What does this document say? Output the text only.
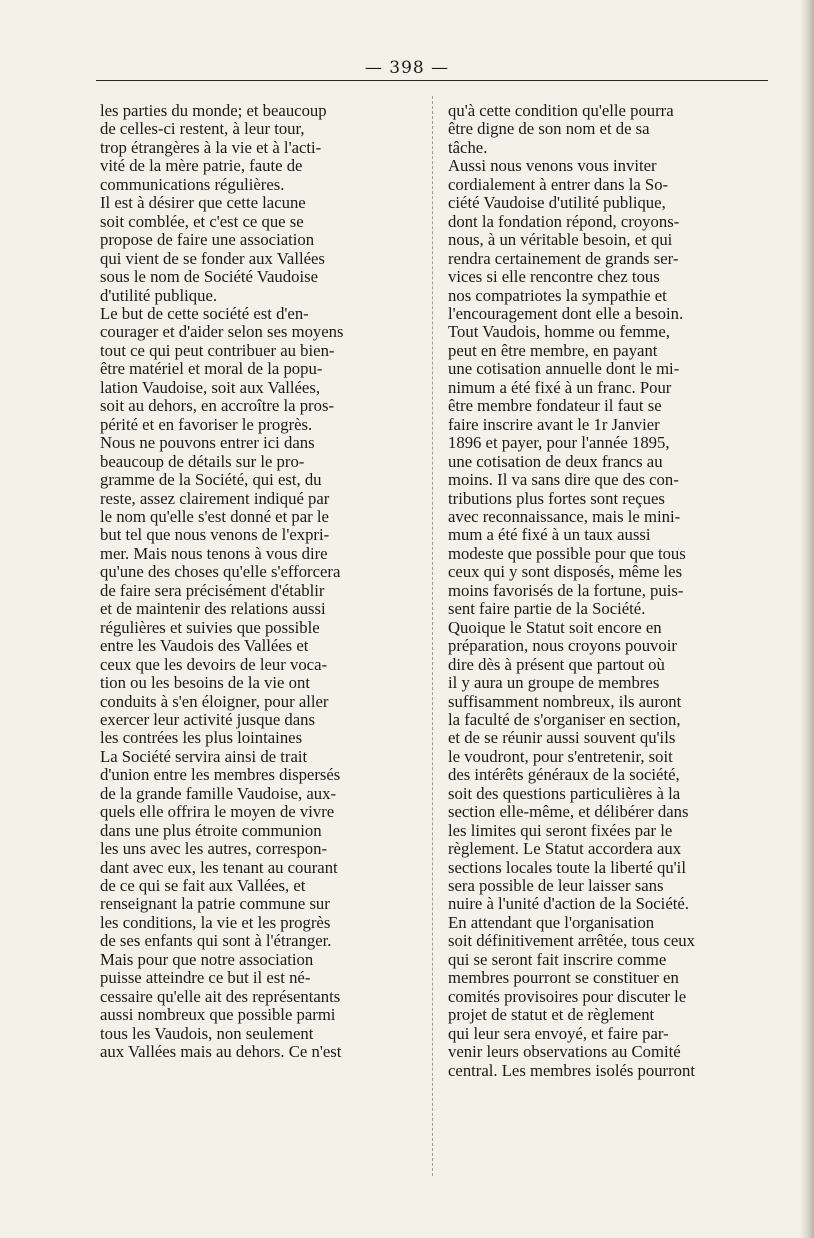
— 398 —
les parties du monde; et beaucoup
de celles-ci restent, à leur tour,
trop étrangères à la vie et à l'acti-
vité de la mère patrie, faute de
communications régulières.
Il est à désirer que cette lacune
soit comblée, et c'est ce que se
propose de faire une association
qui vient de se fonder aux Vallées
sous le nom de Société Vaudoise
d'utilité publique.
Le but de cette société est d'en-
courager et d'aider selon ses moyens
tout ce qui peut contribuer au bien-
être matériel et moral de la popu-
lation Vaudoise, soit aux Vallées,
soit au dehors, en accroître la pros-
périté et en favoriser le progrès.
Nous ne pouvons entrer ici dans
beaucoup de détails sur le pro-
gramme de la Société, qui est, du
reste, assez clairement indiqué par
le nom qu'elle s'est donné et par le
but tel que nous venons de l'expri-
mer. Mais nous tenons à vous dire
qu'une des choses qu'elle s'efforcera
de faire sera précisément d'établir
et de maintenir des relations aussi
régulières et suivies que possible
entre les Vaudois des Vallées et
ceux que les devoirs de leur voca-
tion ou les besoins de la vie ont
conduits à s'en éloigner, pour aller
exercer leur activité jusque dans
les contrées les plus lointaines
La Société servira ainsi de trait
d'union entre les membres dispersés
de la grande famille Vaudoise, aux-
quels elle offrira le moyen de vivre
dans une plus étroite communion
les uns avec les autres, correspon-
dant avec eux, les tenant au courant
de ce qui se fait aux Vallées, et
renseignant la patrie commune sur
les conditions, la vie et les progrès
de ses enfants qui sont à l'étranger.
Mais pour que notre association
puisse atteindre ce but il est né-
cessaire qu'elle ait des représentants
aussi nombreux que possible parmi
tous les Vaudois, non seulement
aux Vallées mais au dehors. Ce n'est
qu'à cette condition qu'elle pourra
être digne de son nom et de sa
tâche.
Aussi nous venons vous inviter
cordialement à entrer dans la So-
ciété Vaudoise d'utilité publique,
dont la fondation répond, croyons-
nous, à un véritable besoin, et qui
rendra certainement de grands ser-
vices si elle rencontre chez tous
nos compatriotes la sympathie et
l'encouragement dont elle a besoin.
Tout Vaudois, homme ou femme,
peut en être membre, en payant
une cotisation annuelle dont le mi-
nimum a été fixé à un franc. Pour
être membre fondateur il faut se
faire inscrire avant le 1r Janvier
1896 et payer, pour l'année 1895,
une cotisation de deux francs au
moins. Il va sans dire que des con-
tributions plus fortes sont reçues
avec reconnaissance, mais le mini-
mum a été fixé à un taux aussi
modeste que possible pour que tous
ceux qui y sont disposés, même les
moins favorisés de la fortune, puis-
sent faire partie de la Société.
Quoique le Statut soit encore en
préparation, nous croyons pouvoir
dire dès à présent que partout où
il y aura un groupe de membres
suffisamment nombreux, ils auront
la faculté de s'organiser en section,
et de se réunir aussi souvent qu'ils
le voudront, pour s'entretenir, soit
des intérêts généraux de la société,
soit des questions particulières à la
section elle-même, et délibérer dans
les limites qui seront fixées par le
règlement. Le Statut accordera aux
sections locales toute la liberté qu'il
sera possible de leur laisser sans
nuire à l'unité d'action de la Société.
En attendant que l'organisation
soit définitivement arrêtée, tous ceux
qui se seront fait inscrire comme
membres pourront se constituer en
comités provisoires pour discuter le
projet de statut et de règlement
qui leur sera envoyé, et faire par-
venir leurs observations au Comité
central. Les membres isolés pourront
